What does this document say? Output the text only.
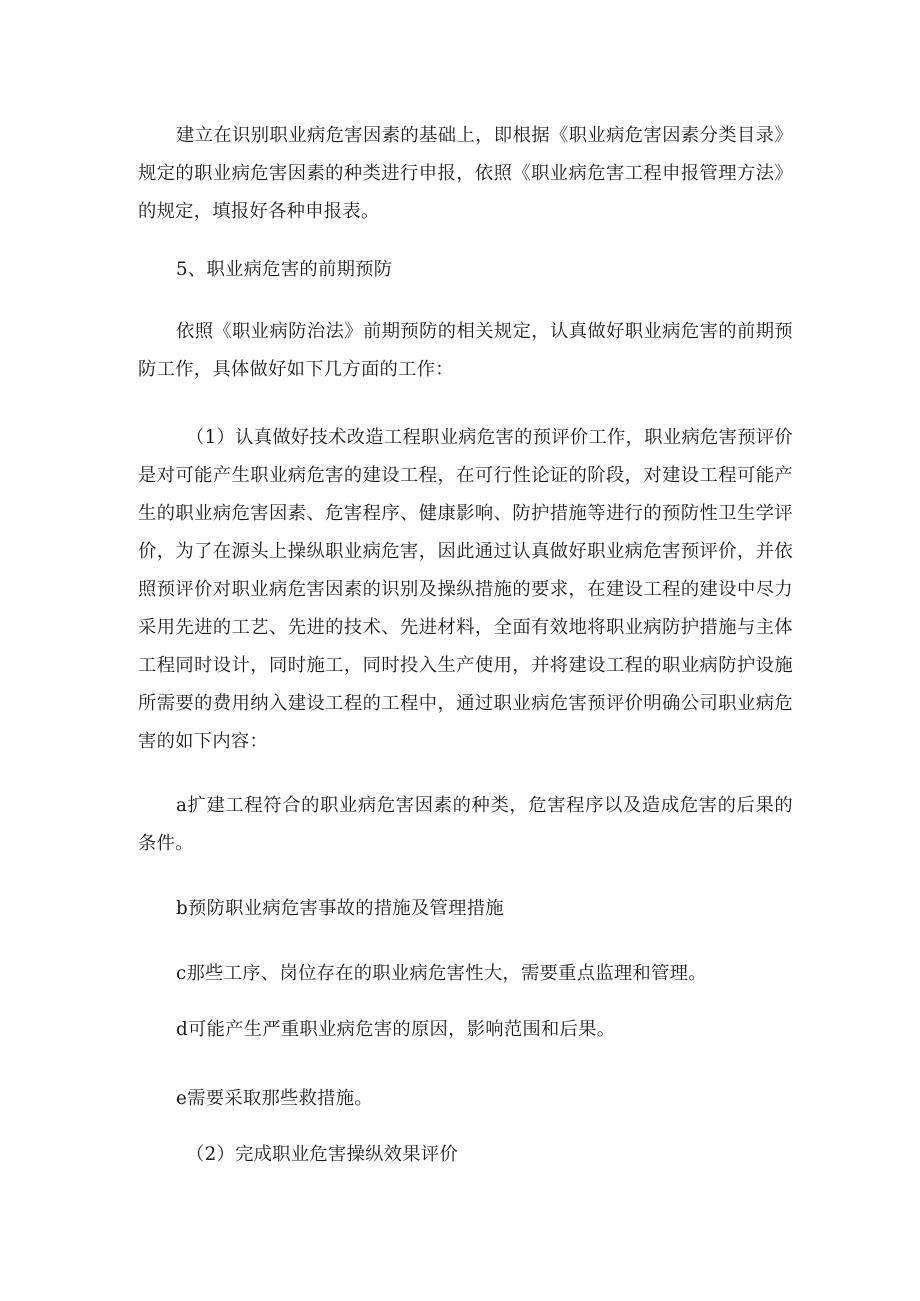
建立在识别职业病危害因素的基础上，即根据《职业病危害因素分类目录》规定的职业病危害因素的种类进行申报，依照《职业病危害工程申报管理方法》的规定，填报好各种申报表。

5、职业病危害的前期预防

依照《职业病防治法》前期预防的相关规定，认真做好职业病危害的前期预防工作，具体做好如下几方面的工作：

（1）认真做好技术改造工程职业病危害的预评价工作，职业病危害预评价是对可能产生职业病危害的建设工程，在可行性论证的阶段，对建设工程可能产生的职业病危害因素、危害程序、健康影响、防护措施等进行的预防性卫生学评价，为了在源头上操纵职业病危害，因此通过认真做好职业病危害预评价，并依照预评价对职业病危害因素的识别及操纵措施的要求，在建设工程的建设中尽力采用先进的工艺、先进的技术、先进材料，全面有效地将职业病防护措施与主体工程同时设计，同时施工，同时投入生产使用，并将建设工程的职业病防护设施所需要的费用纳入建设工程的工程中，通过职业病危害预评价明确公司职业病危害的如下内容：

a扩建工程符合的职业病危害因素的种类，危害程序以及造成危害的后果的条件。

b预防职业病危害事故的措施及管理措施

c那些工序、岗位存在的职业病危害性大，需要重点监理和管理。

d可能产生严重职业病危害的原因，影响范围和后果。

e需要采取那些救措施。

（2）完成职业危害操纵效果评价
